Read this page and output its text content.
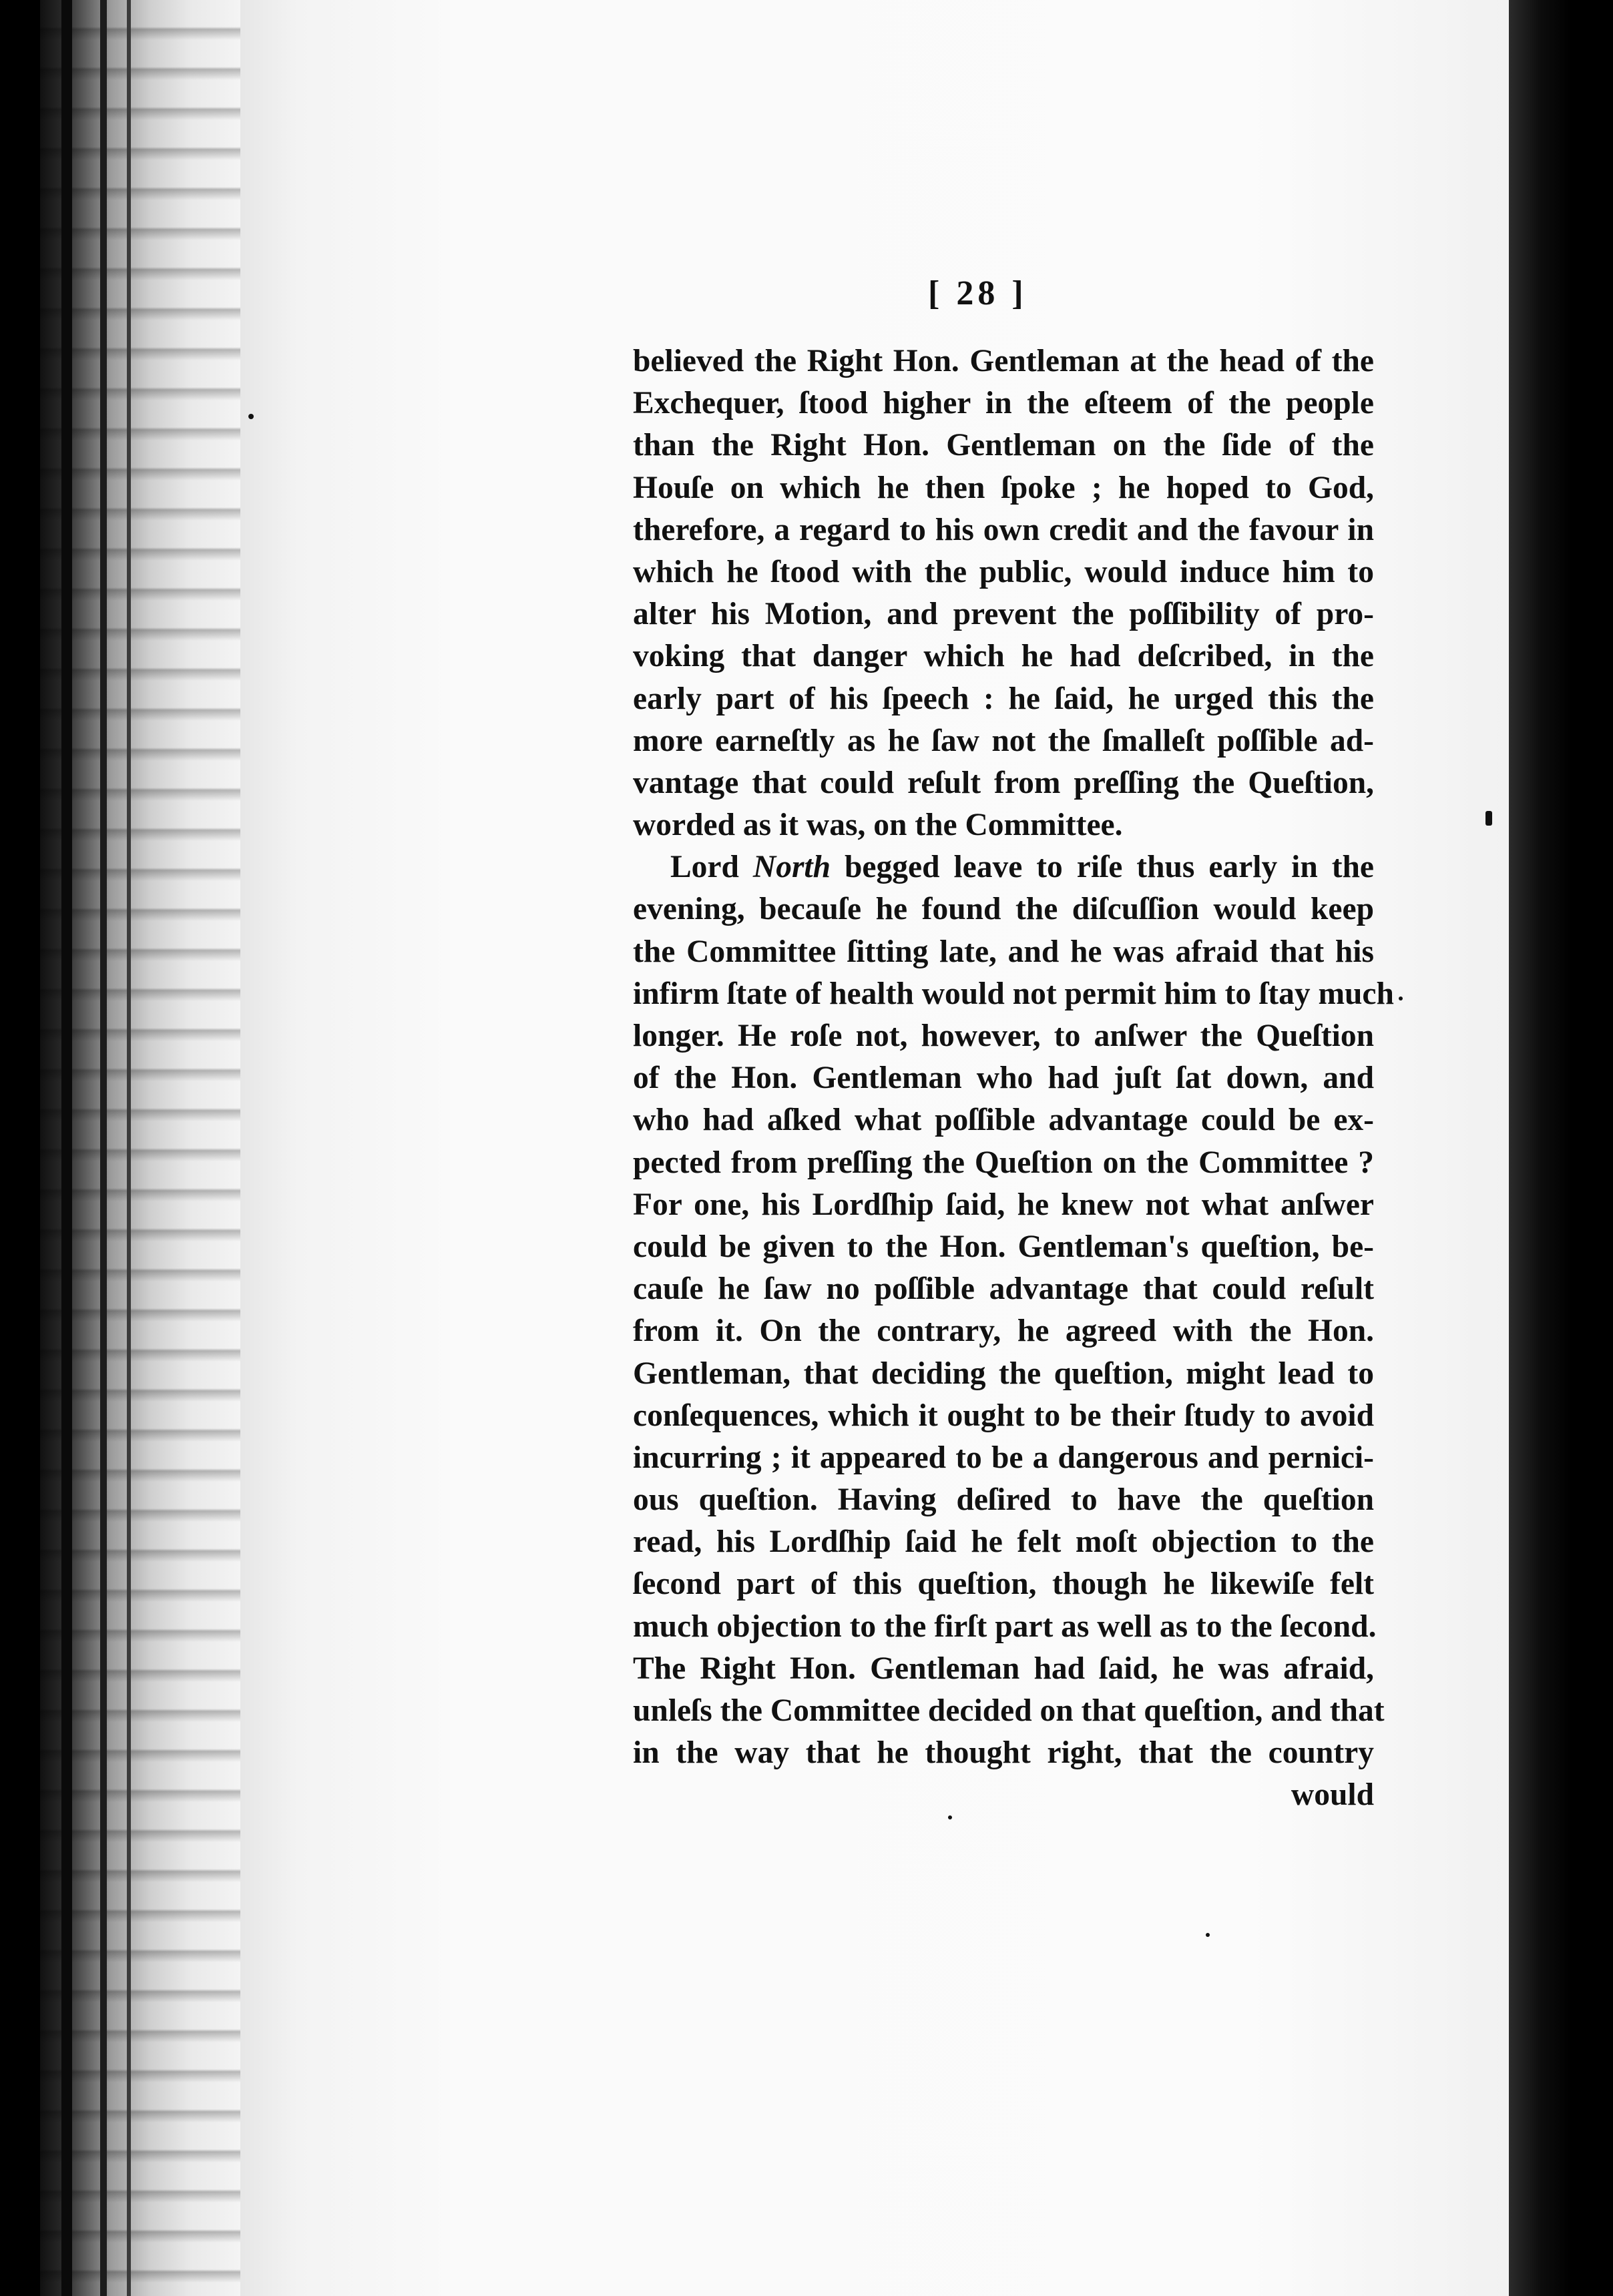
[ 28 ]
believed the Right Hon. Gentleman at the head of the
Exchequer, ſtood higher in the eſteem of the people
than the Right Hon. Gentleman on the ſide of the
Houſe on which he then ſpoke ; he hoped to God,
therefore, a regard to his own credit and the favour in
which he ſtood with the public, would induce him to
alter his Motion, and prevent the poſſibility of pro-
voking that danger which he had deſcribed, in the
early part of his ſpeech : he ſaid, he urged this the
more earneſtly as he ſaw not the ſmalleſt poſſible ad-
vantage that could reſult from preſſing the Queſtion,
worded as it was, on the Committee.
Lord North begged leave to riſe thus early in the
evening, becauſe he found the diſcuſſion would keep
the Committee ſitting late, and he was afraid that his
infirm ſtate of health would not permit him to ſtay much
longer. He roſe not, however, to anſwer the Queſtion
of the Hon. Gentleman who had juſt ſat down, and
who had aſked what poſſible advantage could be ex-
pected from preſſing the Queſtion on the Committee ?
For one, his Lordſhip ſaid, he knew not what anſwer
could be given to the Hon. Gentleman's queſtion, be-
cauſe he ſaw no poſſible advantage that could reſult
from it. On the contrary, he agreed with the Hon.
Gentleman, that deciding the queſtion, might lead to
conſequences, which it ought to be their ſtudy to avoid
incurring ; it appeared to be a dangerous and pernici-
ous queſtion. Having deſired to have the queſtion
read, his Lordſhip ſaid he felt moſt objection to the
ſecond part of this queſtion, though he likewiſe felt
much objection to the firſt part as well as to the ſecond.
The Right Hon. Gentleman had ſaid, he was afraid,
unleſs the Committee decided on that queſtion, and that
in the way that he thought right, that the country
would
